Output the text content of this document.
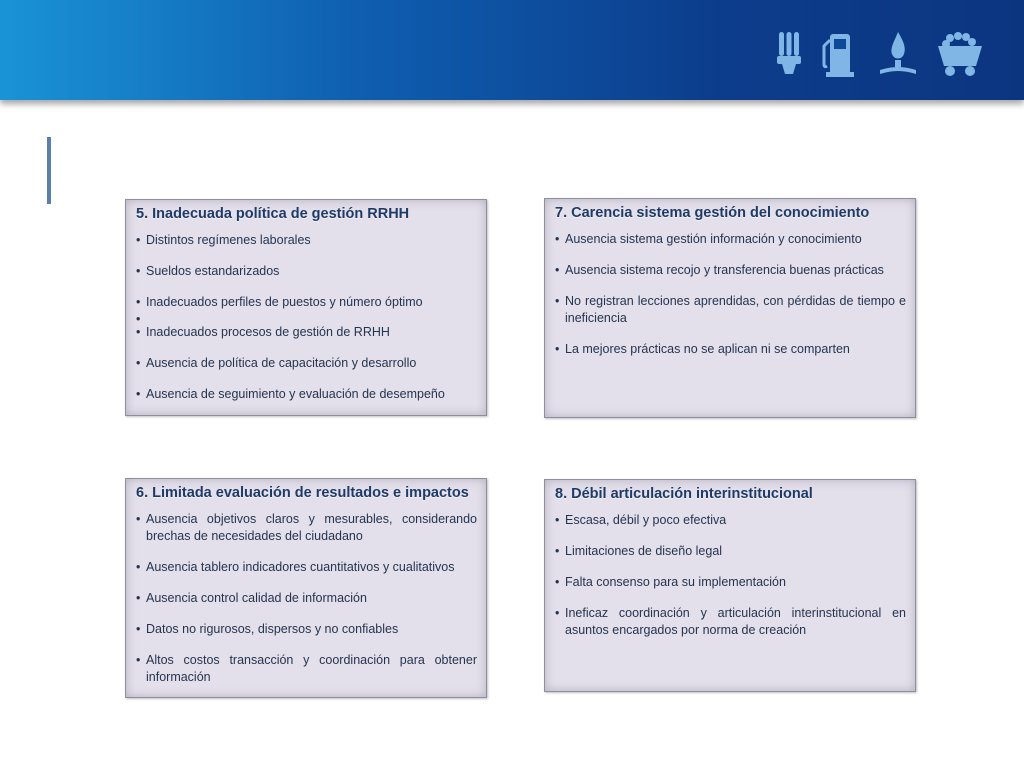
5. Inadecuada política de gestión RRHH
• Distintos regímenes laborales
• Sueldos estandarizados
• Inadecuados perfiles de puestos y número óptimo
•
• Inadecuados procesos de gestión de RRHH
• Ausencia de política de capacitación y desarrollo
• Ausencia de seguimiento y evaluación de desempeño
7. Carencia sistema gestión del conocimiento
• Ausencia sistema gestión información y conocimiento
• Ausencia sistema recojo y transferencia buenas prácticas
• No registran lecciones aprendidas, con pérdidas de tiempo e ineficiencia
• La mejores prácticas no se aplican ni se comparten
6. Limitada evaluación de resultados e impactos
• Ausencia objetivos claros y mesurables, considerando brechas de necesidades del ciudadano
• Ausencia tablero indicadores cuantitativos y cualitativos
• Ausencia control calidad de información
• Datos no rigurosos, dispersos y no confiables
• Altos costos transacción y coordinación para obtener información
8. Débil articulación interinstitucional
• Escasa, débil y poco efectiva
• Limitaciones de diseño legal
• Falta consenso para su implementación
• Ineficaz coordinación y articulación interinstitucional en asuntos encargados por norma de creación
